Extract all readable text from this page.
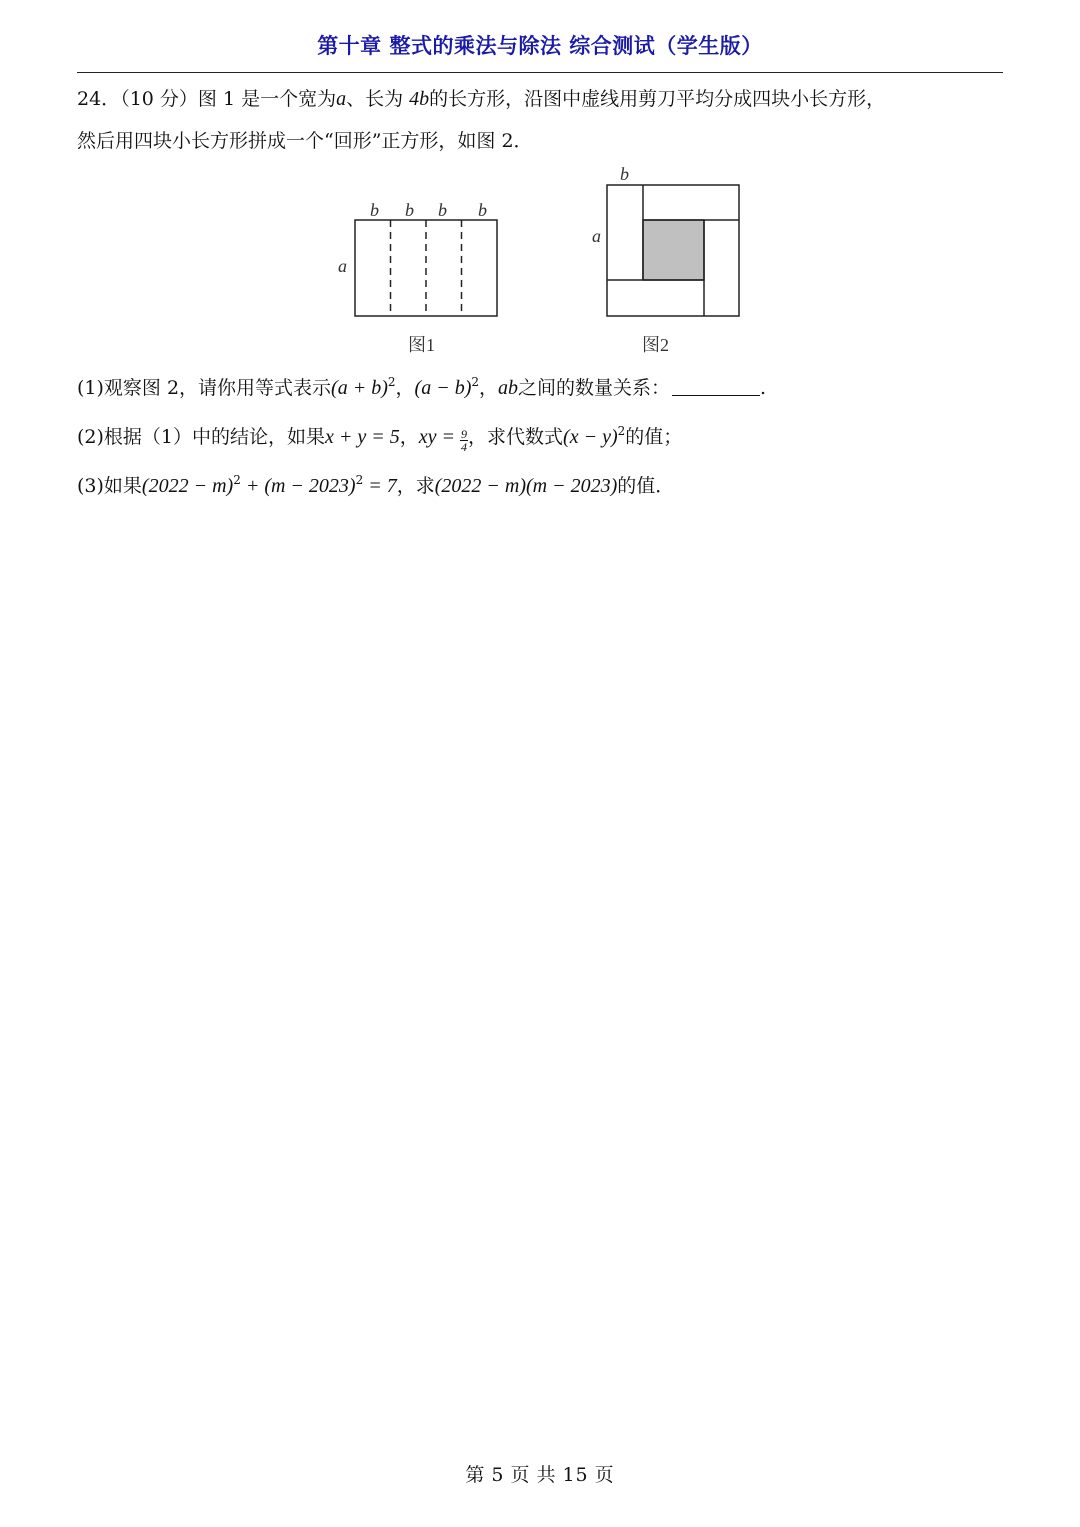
第十章 整式的乘法与除法 综合测试（学生版）
24．（10 分）图 1 是一个宽为a、长为 4b的长方形，沿图中虚线用剪刀平均分成四块小长方形，
然后用四块小长方形拼成一个“回形”正方形，如图 2．
b b b b
a
图1
b
a
图2
(1)观察图 2，请你用等式表示$(a + b)^2$，$(a - b)^2$，ab之间的数量关系：	.
(2)根据（1）中的结论，如果x + y = 5，xy = $\frac{9}{4}$ ，求代数式$(x - y)^2$的值；
(3)如果$(2022 - m)^2 + (m - 2023)^2 = 7$，求(2022 − m)(m − 2023)的值．
第 5 页 共 15 页
